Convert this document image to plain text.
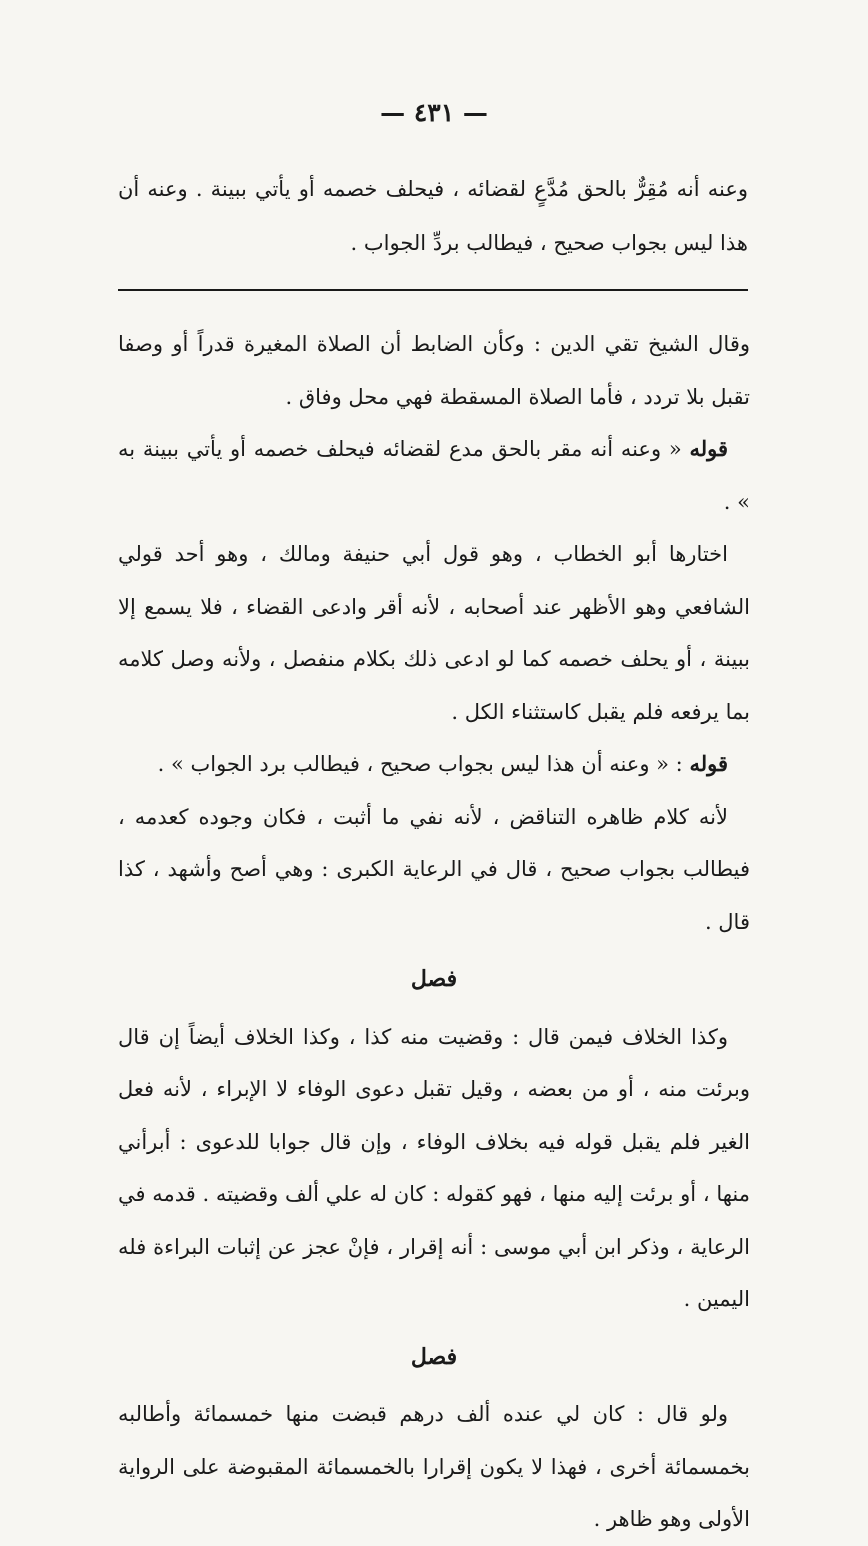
— ٤٣١ —
وعنه أنه مُقِرٌّ بالحق مُدَّعٍ لقضائه ، فيحلف خصمه أو يأتي ببينة . وعنه أن هذا ليس بجواب صحيح ، فيطالب بردِّ الجواب .

وقال الشيخ تقي الدين : وكأن الضابط أن الصلاة المغيرة قدراً أو وصفا تقبل بلا تردد ، فأما الصلاة المسقطة فهي محل وفاق .

قوله « وعنه أنه مقر بالحق مدع لقضائه فيحلف خصمه أو يأتي ببينة به » .

اختارها أبو الخطاب ، وهو قول أبي حنيفة ومالك ، وهو أحد قولي الشافعي وهو الأظهر عند أصحابه ، لأنه أقر وادعى القضاء ، فلا يسمع إلا ببينة ، أو يحلف خصمه كما لو ادعى ذلك بكلام منفصل ، ولأنه وصل كلامه بما يرفعه فلم يقبل كاستثناء الكل .

قوله : « وعنه أن هذا ليس بجواب صحيح ، فيطالب برد الجواب » .

لأنه كلام ظاهره التناقض ، لأنه نفي ما أثبت ، فكان وجوده كعدمه ، فيطالب بجواب صحيح ، قال في الرعاية الكبرى : وهي أصح وأشهد ، كذا قال .

فصل

وكذا الخلاف فيمن قال : وقضيت منه كذا ، وكذا الخلاف أيضاً إن قال وبرئت منه ، أو من بعضه ، وقيل تقبل دعوى الوفاء لا الإبراء ، لأنه فعل الغير فلم يقبل قوله فيه بخلاف الوفاء ، وإن قال جوابا للدعوى : أبرأني منها ، أو برئت إليه منها ، فهو كقوله : كان له علي ألف وقضيته . قدمه في الرعاية ، وذكر ابن أبي موسى : أنه إقرار ، فإنْ عجز عن إثبات البراءة فله اليمين .

فصل

ولو قال : كان لي عنده ألف درهم قبضت منها خمسمائة وأطالبه بخمسمائة أخرى ، فهذا لا يكون إقرارا بالخمسمائة المقبوضة على الرواية الأولى وهو ظاهر .
